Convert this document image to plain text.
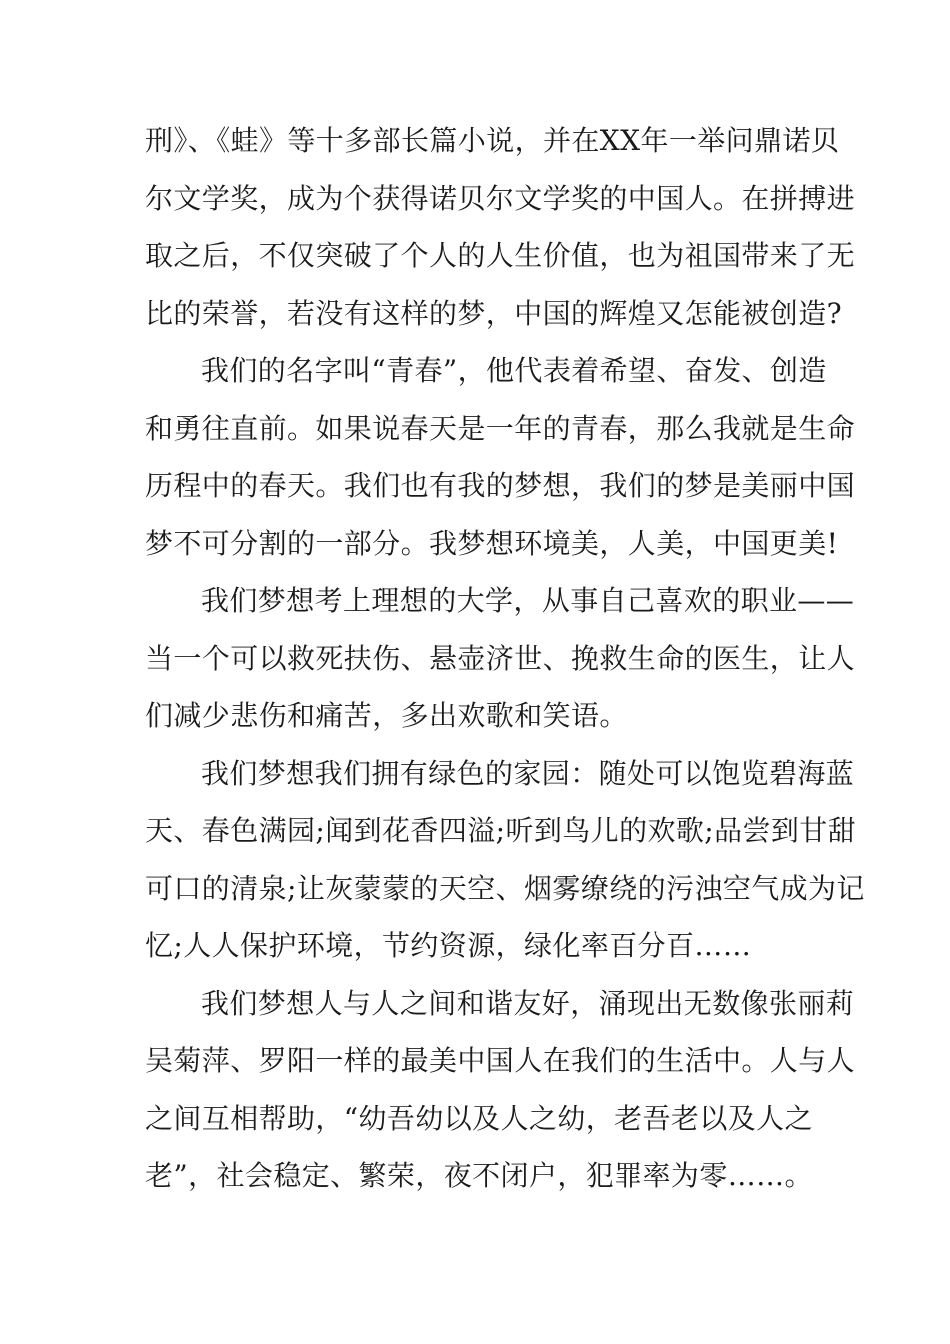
刑》、《蛙》等十多部长篇小说，并在XX年一举问鼎诺贝
尔文学奖，成为个获得诺贝尔文学奖的中国人。在拼搏进
取之后，不仅突破了个人的人生价值，也为祖国带来了无
比的荣誉，若没有这样的梦，中国的辉煌又怎能被创造?
我们的名字叫“青春”，他代表着希望、奋发、创造
和勇往直前。如果说春天是一年的青春，那么我就是生命
历程中的春天。我们也有我的梦想，我们的梦是美丽中国
梦不可分割的一部分。我梦想环境美，人美，中国更美!
我们梦想考上理想的大学，从事自己喜欢的职业——
当一个可以救死扶伤、悬壶济世、挽救生命的医生，让人
们减少悲伤和痛苦，多出欢歌和笑语。
我们梦想我们拥有绿色的家园：随处可以饱览碧海蓝
天、春色满园;闻到花香四溢;听到鸟儿的欢歌;品尝到甘甜
可口的清泉;让灰蒙蒙的天空、烟雾缭绕的污浊空气成为记
忆;人人保护环境，节约资源，绿化率百分百……
我们梦想人与人之间和谐友好，涌现出无数像张丽莉
吴菊萍、罗阳一样的最美中国人在我们的生活中。人与人
之间互相帮助，“幼吾幼以及人之幼，老吾老以及人之
老”，社会稳定、繁荣，夜不闭户，犯罪率为零……。
